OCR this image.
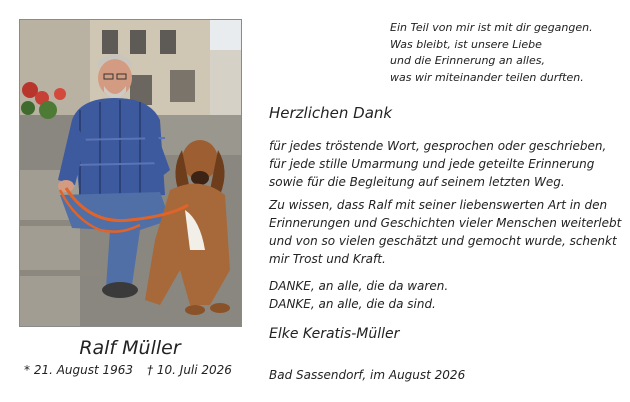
Ralf Müller
* 21. August 1963 † 10. Juli 2026
Ein Teil von mir ist mit dir gegangen.
Was bleibt, ist unsere Liebe
und die Erinnerung an alles,
was wir miteinander teilen durften.
Herzlichen Dank
für jedes tröstende Wort, gesprochen oder geschrieben,
für jede stille Umarmung und jede geteilte Erinnerung
sowie für die Begleitung auf seinem letzten Weg.
Zu wissen, dass Ralf mit seiner liebenswerten Art in den
Erinnerungen und Geschichten vieler Menschen weiterlebt
und von so vielen geschätzt und gemocht wurde, schenkt
mir Trost und Kraft.
DANKE, an alle, die da waren.
DANKE, an alle, die da sind.
Elke Keratis-Müller
Bad Sassendorf, im August 2026
